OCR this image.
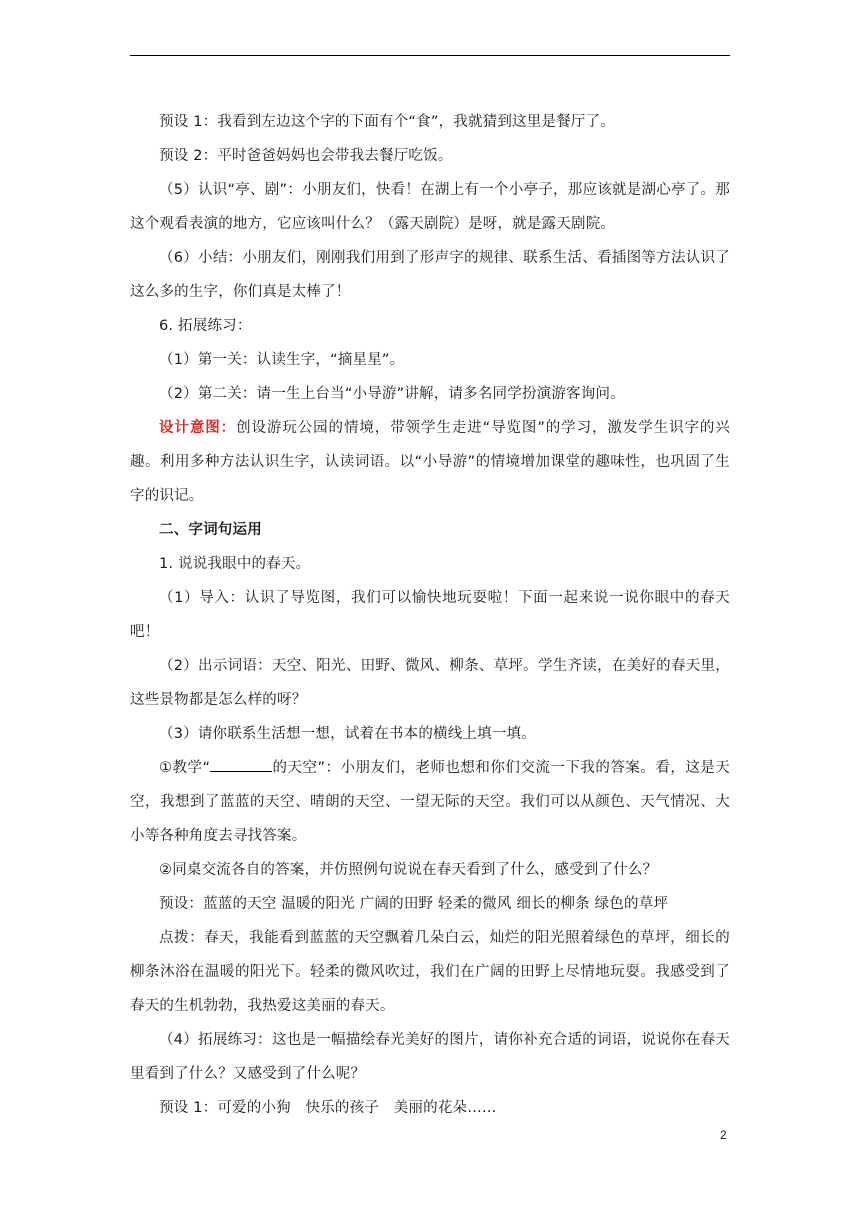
预设 1：我看到左边这个字的下面有个“食”，我就猜到这里是餐厅了。

预设 2：平时爸爸妈妈也会带我去餐厅吃饭。

（5）认识“亭、剧”：小朋友们，快看！在湖上有一个小亭子，那应该就是湖心亭了。那这个观看表演的地方，它应该叫什么？（露天剧院）是呀，就是露天剧院。

（6）小结：小朋友们，刚刚我们用到了形声字的规律、联系生活、看插图等方法认识了这么多的生字，你们真是太棒了！

6. 拓展练习：

（1）第一关：认读生字，“摘星星”。

（2）第二关：请一生上台当“小导游”讲解，请多名同学扮演游客询问。

设计意图：创设游玩公园的情境，带领学生走进“导览图”的学习，激发学生识字的兴趣。利用多种方法认识生字，认读词语。以“小导游”的情境增加课堂的趣味性，也巩固了生字的识记。

二、字词句运用

1. 说说我眼中的春天。

（1）导入：认识了导览图，我们可以愉快地玩耍啦！下面一起来说一说你眼中的春天吧！

（2）出示词语：天空、阳光、田野、微风、柳条、草坪。学生齐读，在美好的春天里，这些景物都是怎么样的呀？

（3）请你联系生活想一想，试着在书本的横线上填一填。

①教学“	的天空”：小朋友们，老师也想和你们交流一下我的答案。看，这是天空，我想到了蓝蓝的天空、晴朗的天空、一望无际的天空。我们可以从颜色、天气情况、大小等各种角度去寻找答案。

②同桌交流各自的答案，并仿照例句说说在春天看到了什么，感受到了什么？

预设：蓝蓝的天空 温暖的阳光 广阔的田野 轻柔的微风 细长的柳条 绿色的草坪

点拨：春天，我能看到蓝蓝的天空飘着几朵白云，灿烂的阳光照着绿色的草坪，细长的柳条沐浴在温暖的阳光下。轻柔的微风吹过，我们在广阔的田野上尽情地玩耍。我感受到了春天的生机勃勃，我热爱这美丽的春天。

（4）拓展练习：这也是一幅描绘春光美好的图片，请你补充合适的词语，说说你在春天里看到了什么？又感受到了什么呢？

预设 1：可爱的小狗　快乐的孩子　美丽的花朵……

2
